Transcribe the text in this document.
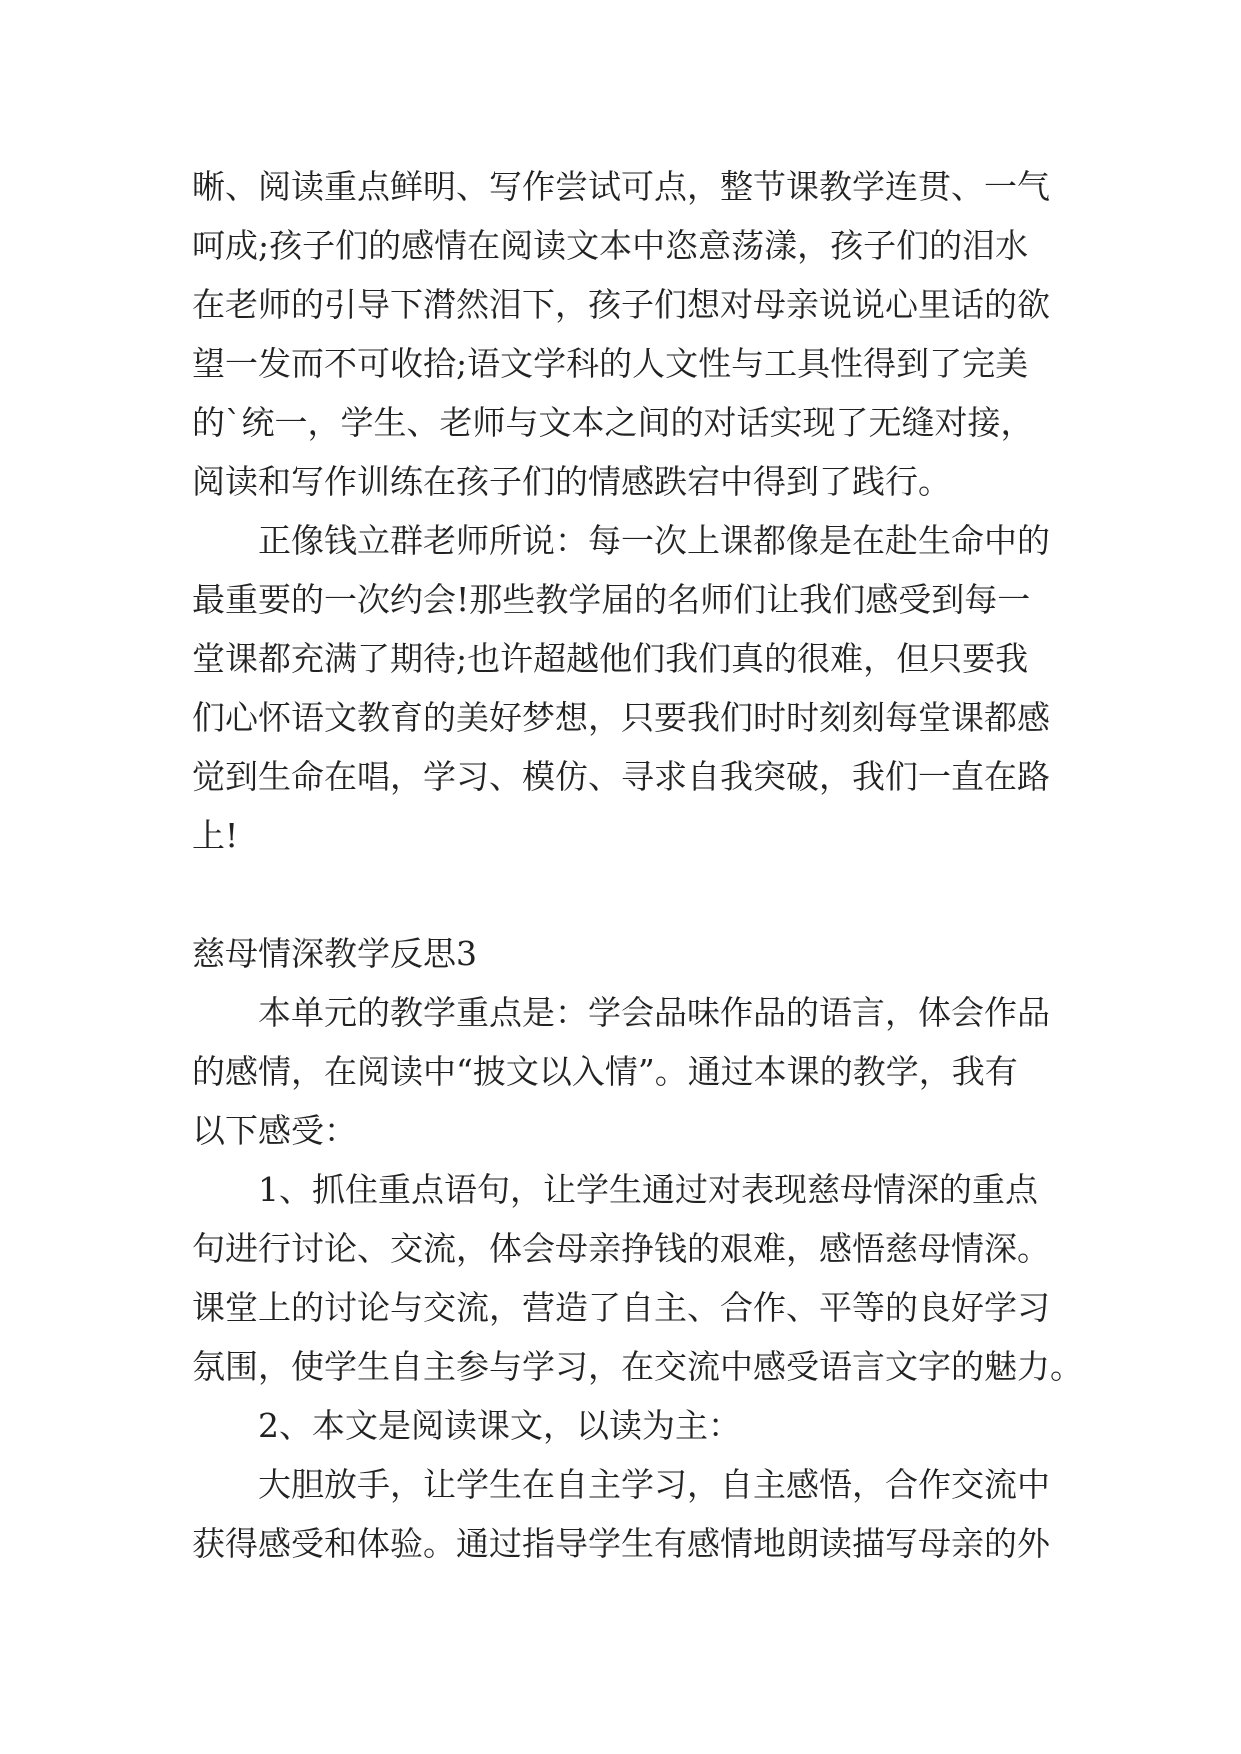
晰、阅读重点鲜明、写作尝试可点，整节课教学连贯、一气
呵成;孩子们的感情在阅读文本中恣意荡漾，孩子们的泪水
在老师的引导下潸然泪下，孩子们想对母亲说说心里话的欲
望一发而不可收拾;语文学科的人文性与工具性得到了完美
的`统一，学生、老师与文本之间的对话实现了无缝对接，
阅读和写作训练在孩子们的情感跌宕中得到了践行。
正像钱立群老师所说：每一次上课都像是在赴生命中的
最重要的一次约会!那些教学届的名师们让我们感受到每一
堂课都充满了期待;也许超越他们我们真的很难，但只要我
们心怀语文教育的美好梦想，只要我们时时刻刻每堂课都感
觉到生命在唱，学习、模仿、寻求自我突破，我们一直在路
上!
慈母情深教学反思3
本单元的教学重点是：学会品味作品的语言，体会作品
的感情，在阅读中“披文以入情”。通过本课的教学，我有
以下感受：
1、抓住重点语句，让学生通过对表现慈母情深的重点
句进行讨论、交流，体会母亲挣钱的艰难，感悟慈母情深。
课堂上的讨论与交流，营造了自主、合作、平等的良好学习
氛围，使学生自主参与学习，在交流中感受语言文字的魅力。
2、本文是阅读课文，以读为主：
大胆放手，让学生在自主学习，自主感悟，合作交流中
获得感受和体验。通过指导学生有感情地朗读描写母亲的外
